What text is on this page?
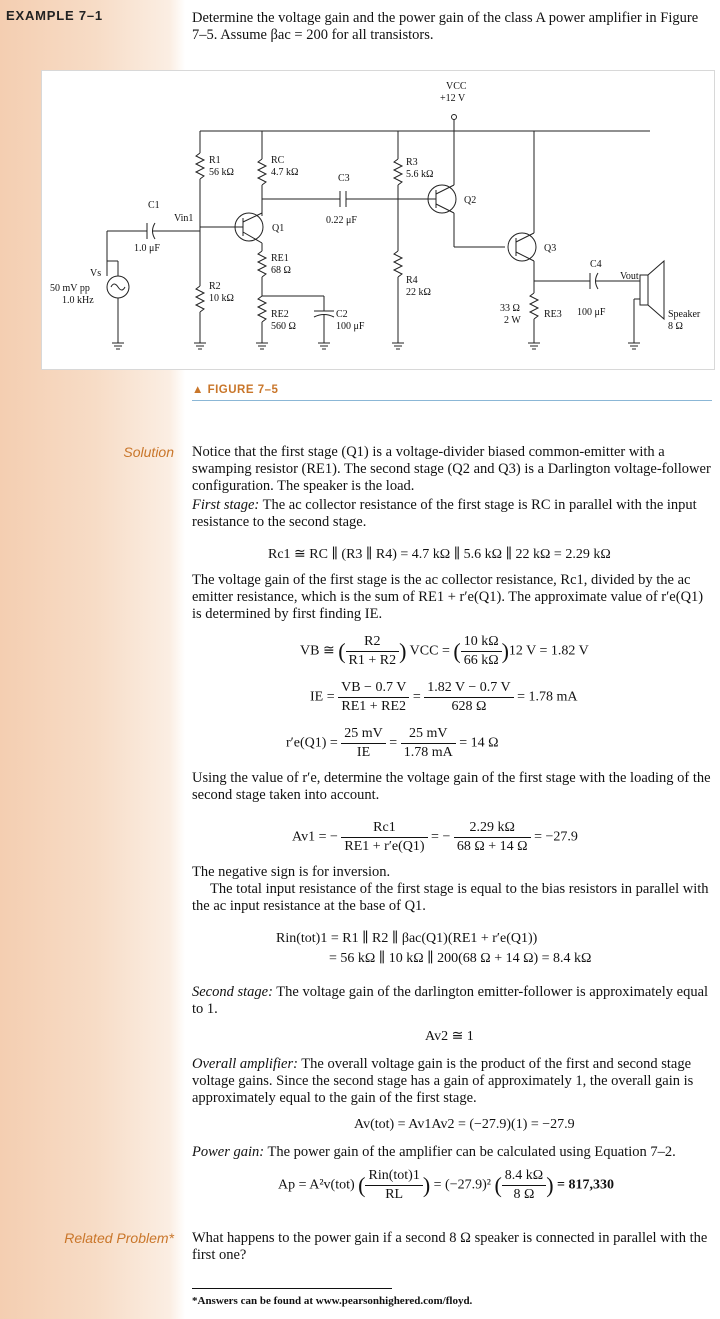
EXAMPLE 7–1	Determine the voltage gain and the power gain of the class A power amplifier in Figure 7–5. Assume βac = 200 for all transistors.
VCC
+12 V
R1
56 kΩ
RC
4.7 kΩ
C3
0.22 μF
R3
5.6 kΩ
Q1
Q2
Q3
C1
1.0 μF
Vin1
RE1
68 Ω
R2
10 kΩ
R4
22 kΩ
RE2
560 Ω
C2
100 μF
Vs
50 mV pp
1.0 kHz
C4
100 μF
Vout
RE3
33 Ω
2 W
Speaker
8 Ω
▲ FIGURE 7–5
Solution Notice that the first stage (Q1) is a voltage-divider biased common-emitter with a swamping resistor (RE1). The second stage (Q2 and Q3) is a Darlington voltage-follower configuration. The speaker is the load.

First stage: The ac collector resistance of the first stage is RC in parallel with the input resistance to the second stage.

Rc1 ≅ RC ∥ (R3 ∥ R4) = 4.7 kΩ ∥ 5.6 kΩ ∥ 22 kΩ = 2.29 kΩ
The voltage gain of the first stage is the ac collector resistance, Rc1, divided by the ac emitter resistance, which is the sum of RE1 + r′e(Q1). The approximate value of r′e(Q1) is determined by first finding IE.
VB ≅ ( $\frac{R2}{R1 + R2}$ ) VCC = ( $\frac{10 k\Omega}{66 k\Omega} )12$ V = 1.82 V
IE = $\frac{VB - 0.7 V}{RE1 + RE2} = \frac{1.82 V - 0.7 V}{628 \Omega} = 1.78$ mA
$r'e(Q1) = \frac{25 mV}{IE} = \frac{25 mV}{1.78 mA} = 14$ Ω
Using the value of r′e, determine the voltage gain of the first stage with the loading of the second stage taken into account.
Av1 = − $\frac{Rc1}{RE1 + r'e(Q1)}$ = − $\frac{2.29 k\Omega}{68 \Omega + 14 \Omega} = -27.9$

The negative sign is for inversion.

The total input resistance of the first stage is equal to the bias resistors in parallel with the ac input resistance at the base of Q1.

Rin(tot)1 = R1 ∥ R2 ∥ βac(Q1)(RE1 + r′e(Q1))
= 56 kΩ ∥ 10 kΩ ∥ 200(68 Ω + 14 Ω) = 8.4 kΩ
Second stage: The voltage gain of the darlington emitter-follower is approximately equal to 1.
Av2 ≅ 1
Overall amplifier: The overall voltage gain is the product of the first and second stage voltage gains. Since the second stage has a gain of approximately 1, the overall gain is approximately equal to the gain of the first stage.
Av(tot) = Av1Av2 = (−27.9)(1) = −27.9
Power gain: The power gain of the amplifier can be calculated using Equation 7–2.
Ap = A²v(tot) ( $\frac{\text{Rin(tot)1}}{RL}$ ) = (−27.9)² ( $\frac{8.4 k\Omega}{8 \Omega}$ ) = 817,330
Related Problem* What happens to the power gain if a second 8 Ω speaker is connected in parallel with the first one?
*Answers can be found at www.pearsonhighered.com/floyd.
